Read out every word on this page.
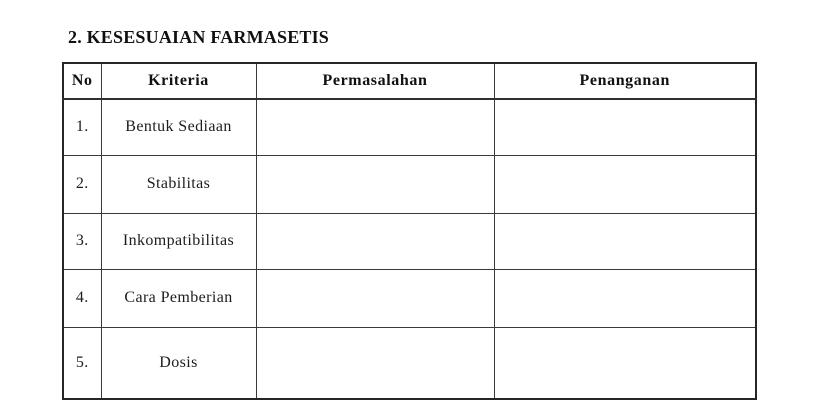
2. KESESUAIAN FARMASETIS
No	Kriteria	Permasalahan	Penanganan
1.	Bentuk Sediaan		
2.	Stabilitas		
3.	Inkompatibilitas		
4.	Cara Pemberian		
5.	Dosis		
